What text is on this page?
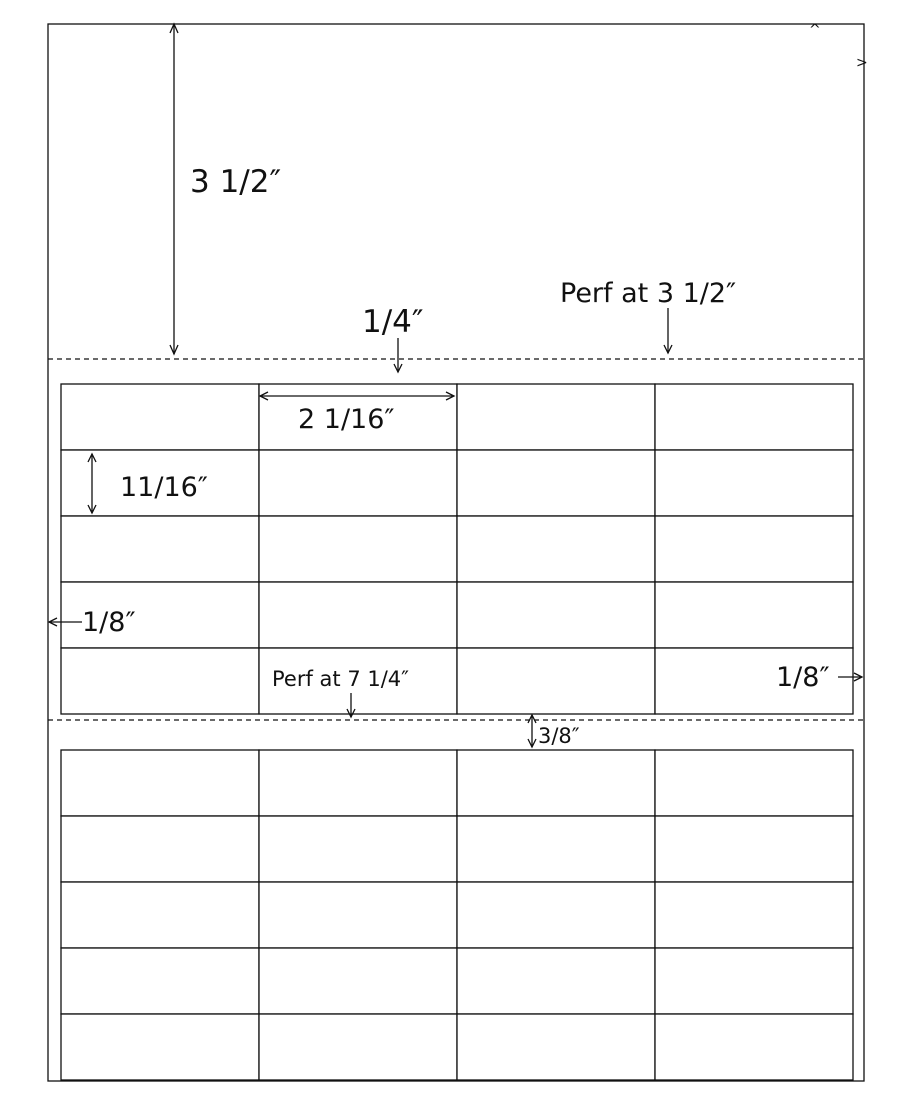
3 1/2″
1/4″
Perf at 3 1/2″
2 1/16″
11/16″
1/8″
Perf at 7 1/4″	1/8″
3/8″
^
>
